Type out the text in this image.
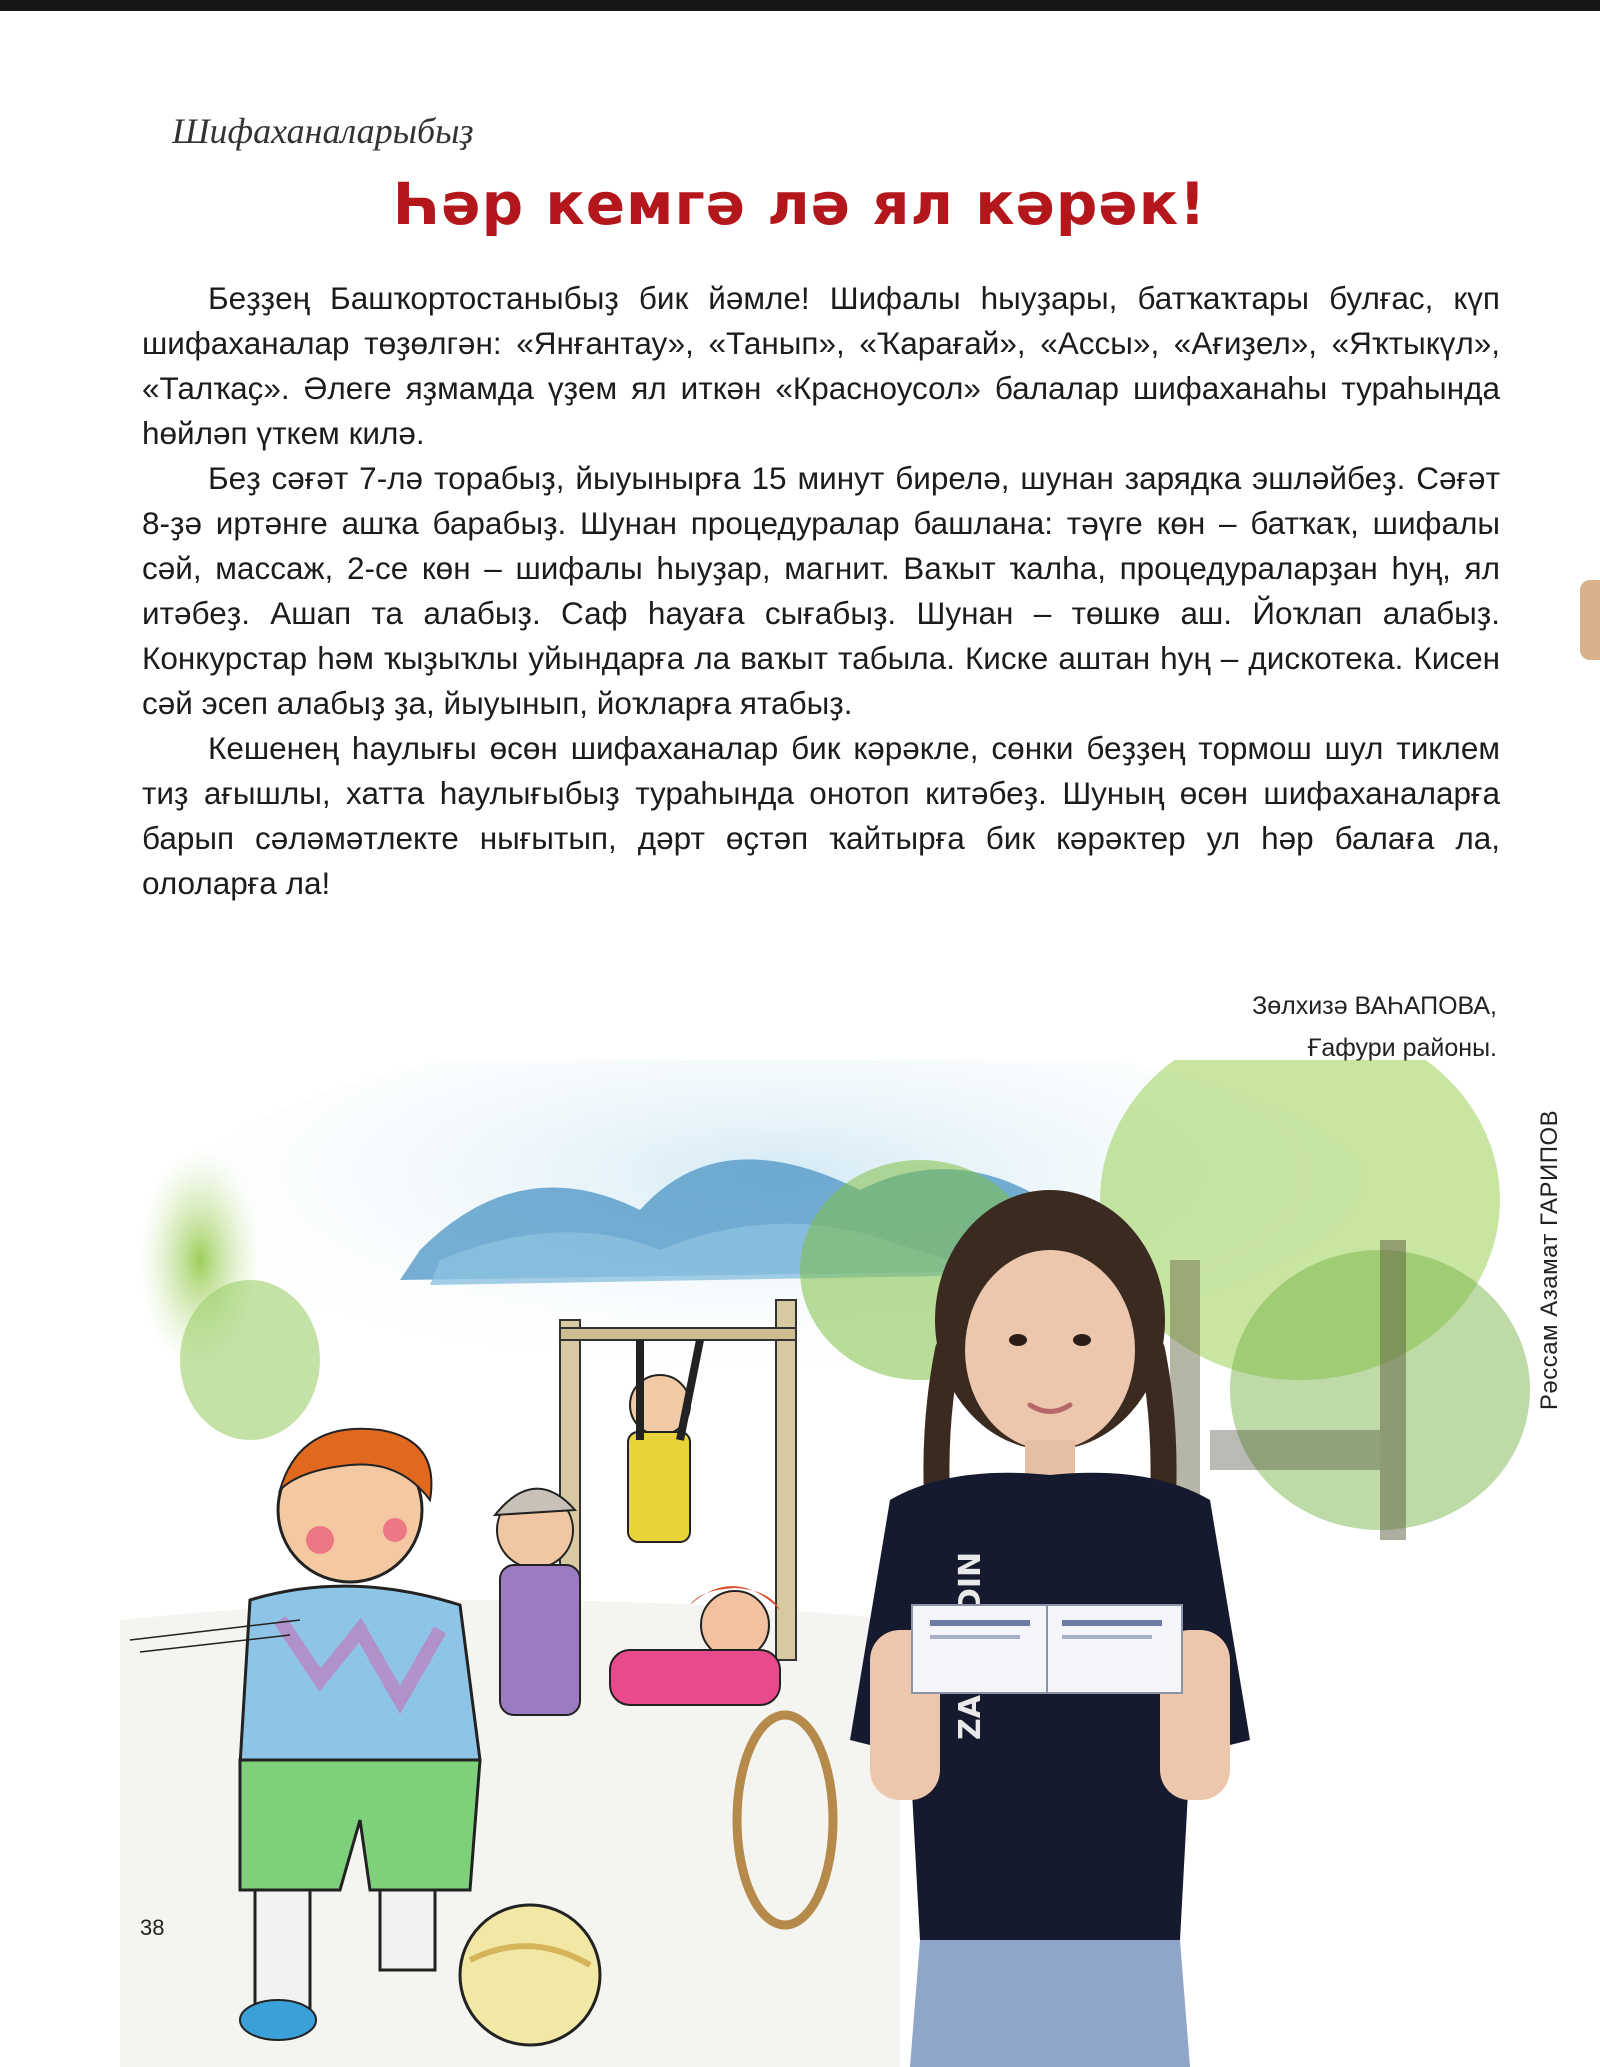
Шифаханаларыбыҙ
Һәр кемгә лә ял кәрәк!

Беҙҙең Башҡортостаныбыҙ бик йәмле! Шифалы һыуҙары, батҡаҡтары булғас, күп шифаханалар төҙөлгән: «Янғантау», «Танып», «Ҡарағай», «Ассы», «Ағиҙел», «Яҡтыкүл», «Талҡаҫ». Әлеге яҙмамда үҙем ял иткән «Красноусол» балалар шифаханаһы тураһында һөйләп үткем килә.

Беҙ сәғәт 7-лә торабыҙ, йыуынырға 15 минут бирелә, шунан зарядка эшләйбеҙ. Сәғәт 8-ҙә иртәнге ашҡа барабыҙ. Шунан процедуралар башлана: тәүге көн – батҡаҡ, шифалы сәй, массаж, 2-се көн – шифалы һыуҙар, магнит. Ваҡыт ҡалһа, процедураларҙан һуң, ял итәбеҙ. Ашап та алабыҙ. Саф һауаға сығабыҙ. Шунан – төшкө аш. Йоҡлап алабыҙ. Конкурстар һәм ҡыҙыҡлы уйындарға ла ваҡыт табыла. Киске аштан һуң – дискотека. Кисен сәй эсеп алабыҙ ҙа, йыуынып, йоҡларға ятабыҙ.

Кешенең һаулығы өсөн шифаханалар бик кәрәкле, сөнки беҙҙең тормош шул тиклем тиҙ ағышлы, хатта һаулығыбыҙ тураһында онотоп китәбеҙ. Шуның өсөн шифаханаларға барып сәләмәтлекте нығытып, дәрт өҫтәп ҡайтырға бик кәрәктер ул һәр балаға ла, ололарға ла!

Зөлхизә ВАҺАПОВА,
Ғафури районы.
Рәссам Азамат ГАРИПОВ
38
